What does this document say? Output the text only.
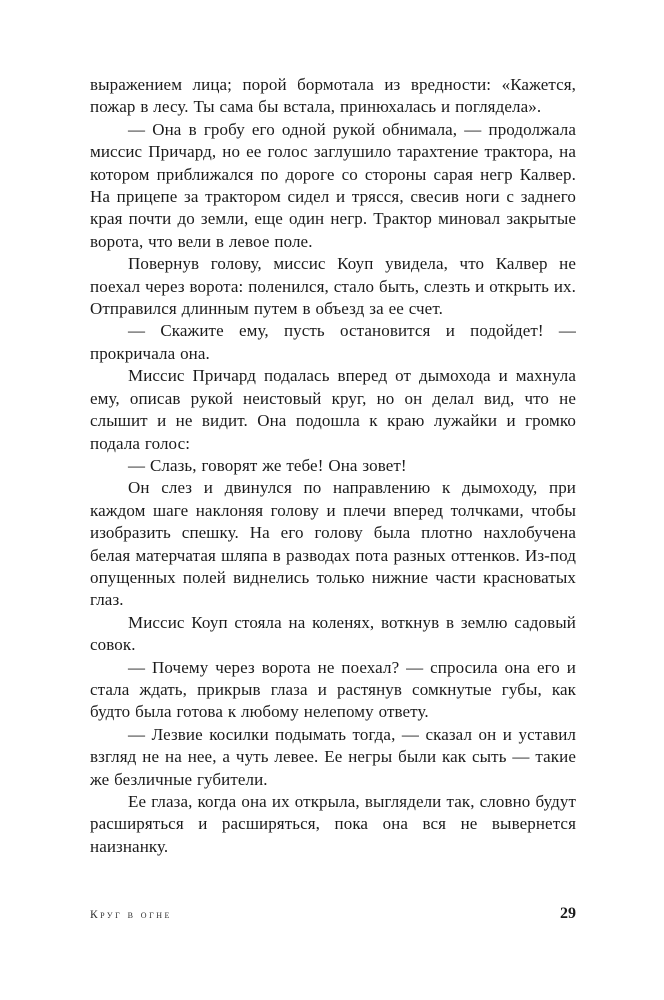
выражением лица; порой бормотала из вредности: «Кажется, пожар в лесу. Ты сама бы встала, принюхалась и поглядела».

— Она в гробу его одной рукой обнимала, — продолжала миссис Причард, но ее голос заглушило тарахтение трактора, на котором приближался по дороге со стороны сарая негр Калвер. На прицепе за трактором сидел и трясся, свесив ноги с заднего края почти до земли, еще один негр. Трактор миновал закрытые ворота, что вели в левое поле.

Повернув голову, миссис Коуп увидела, что Калвер не поехал через ворота: поленился, стало быть, слезть и открыть их. Отправился длинным путем в объезд за ее счет.

— Скажите ему, пусть остановится и подойдет! — прокричала она.

Миссис Причард подалась вперед от дымохода и махнула ему, описав рукой неистовый круг, но он делал вид, что не слышит и не видит. Она подошла к краю лужайки и громко подала голос:

— Слазь, говорят же тебе! Она зовет!

Он слез и двинулся по направлению к дымоходу, при каждом шаге наклоняя голову и плечи вперед толчками, чтобы изобразить спешку. На его голову была плотно нахлобучена белая матерчатая шляпа в разводах пота разных оттенков. Из-под опущенных полей виднелись только нижние части красноватых глаз.

Миссис Коуп стояла на коленях, воткнув в землю садовый совок.

— Почему через ворота не поехал? — спросила она его и стала ждать, прикрыв глаза и растянув сомкнутые губы, как будто была готова к любому нелепому ответу.

— Лезвие косилки подымать тогда, — сказал он и уставил взгляд не на нее, а чуть левее. Ее негры были как сыть — такие же безличные губители.

Ее глаза, когда она их открыла, выглядели так, словно будут расширяться и расширяться, пока она вся не вывернется наизнанку.

Круг в огне	29
